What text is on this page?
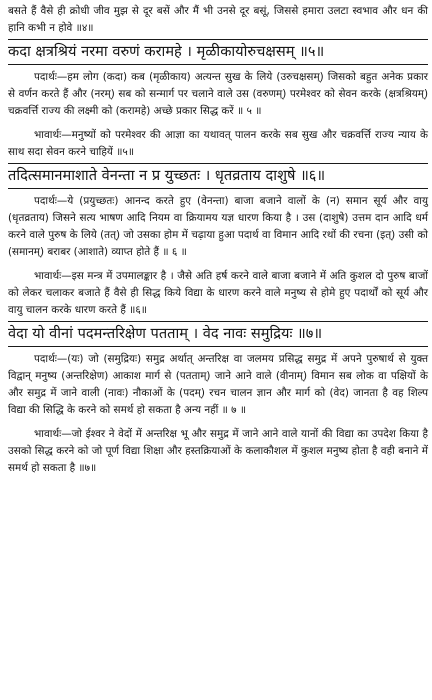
बसते हैं वैसे ही क्रोधी जीव मुझ से दूर बसें और मैं भी उनसे दूर बसूं, जिससे हमारा उलटा स्वभाव और धन की हानि कभी न होवे ॥४॥

कदा क्षत्रश्रियं नरमा वरुणं करामहे । मृळीकायोरुचक्षसम् ॥५॥

पदार्थः—हम लोग (कदा) कब (मृळीकाय) अत्यन्त सुख के लिये (उरुचक्षसम्) जिसको बहुत अनेक प्रकार से वर्णन करते हैं और (नरम्) सब को सन्मार्ग पर चलाने वाले उस (वरुणम्) परमेश्वर को सेवन करके (क्षत्रश्रियम्) चक्रवर्त्ति राज्य की लक्ष्मी को (करामहे) अच्छे प्रकार सिद्ध करें ॥ ५ ॥

भावार्थः—मनुष्यों को परमेश्वर की आज्ञा का यथावत् पालन करके सब सुख और चक्रवर्त्ति राज्य न्याय के साथ सदा सेवन करने चाहियें ॥५॥

तदित्समानमाशाते वेनन्ता न प्र युच्छतः । धृतव्रताय दाशुषे ॥६॥

पदार्थः—ये (प्रयुच्छतः) आनन्द करते हुए (वेनन्ता) बाजा बजाने वालों के (न) समान सूर्य और वायु (धृतव्रताय) जिसने सत्य भाषण आदि नियम वा क्रियामय यज्ञ धारण किया है । उस (दाशुषे) उत्तम दान आदि धर्म करने वाले पुरुष के लिये (तत्) जो उसका होम में चढ़ाया हुआ पदार्थ वा विमान आदि रथों की रचना (इत्) उसी को (समानम्) बराबर (आशाते) व्याप्त होते हैं ॥ ६ ॥

भावार्थः—इस मन्त्र में उपमालङ्कार है । जैसे अति हर्ष करने वाले बाजा बजाने में अति कुशल दो पुरुष बाजों को लेकर चलाकर बजाते हैं वैसे ही सिद्ध किये विद्या के धारण करने वाले मनुष्य से होमे हुए पदार्थों को सूर्य और वायु चालन करके धारण करते हैं ॥६॥

वेदा यो वीनां पदमन्तरिक्षेण पतताम् । वेद नावः समुद्रियः ॥७॥

पदार्थः—(यः) जो (समुद्रियः) समुद्र अर्थात् अन्तरिक्ष वा जलमय प्रसिद्ध समुद्र में अपने पुरुषार्थ से युक्त विद्वान् मनुष्य (अन्तरिक्षेण) आकाश मार्ग से (पतताम्) जाने आने वाले (वीनाम्) विमान सब लोक वा पक्षियों के और समुद्र में जाने वाली (नावः) नौकाओं के (पदम्) रचन चालन ज्ञान और मार्ग को (वेद) जानता है वह शिल्प विद्या की सिद्धि के करने को समर्थ हो सकता है अन्य नहीं ॥ ७ ॥

भावार्थः—जो ईश्वर ने वेदों में अन्तरिक्ष भू और समुद्र में जाने आने वाले यानों की विद्या का उपदेश किया है उसको सिद्ध करने को जो पूर्ण विद्या शिक्षा और हस्तक्रियाओं के कलाकौशल में कुशल मनुष्य होता है वही बनाने में समर्थ हो सकता है ॥७॥
